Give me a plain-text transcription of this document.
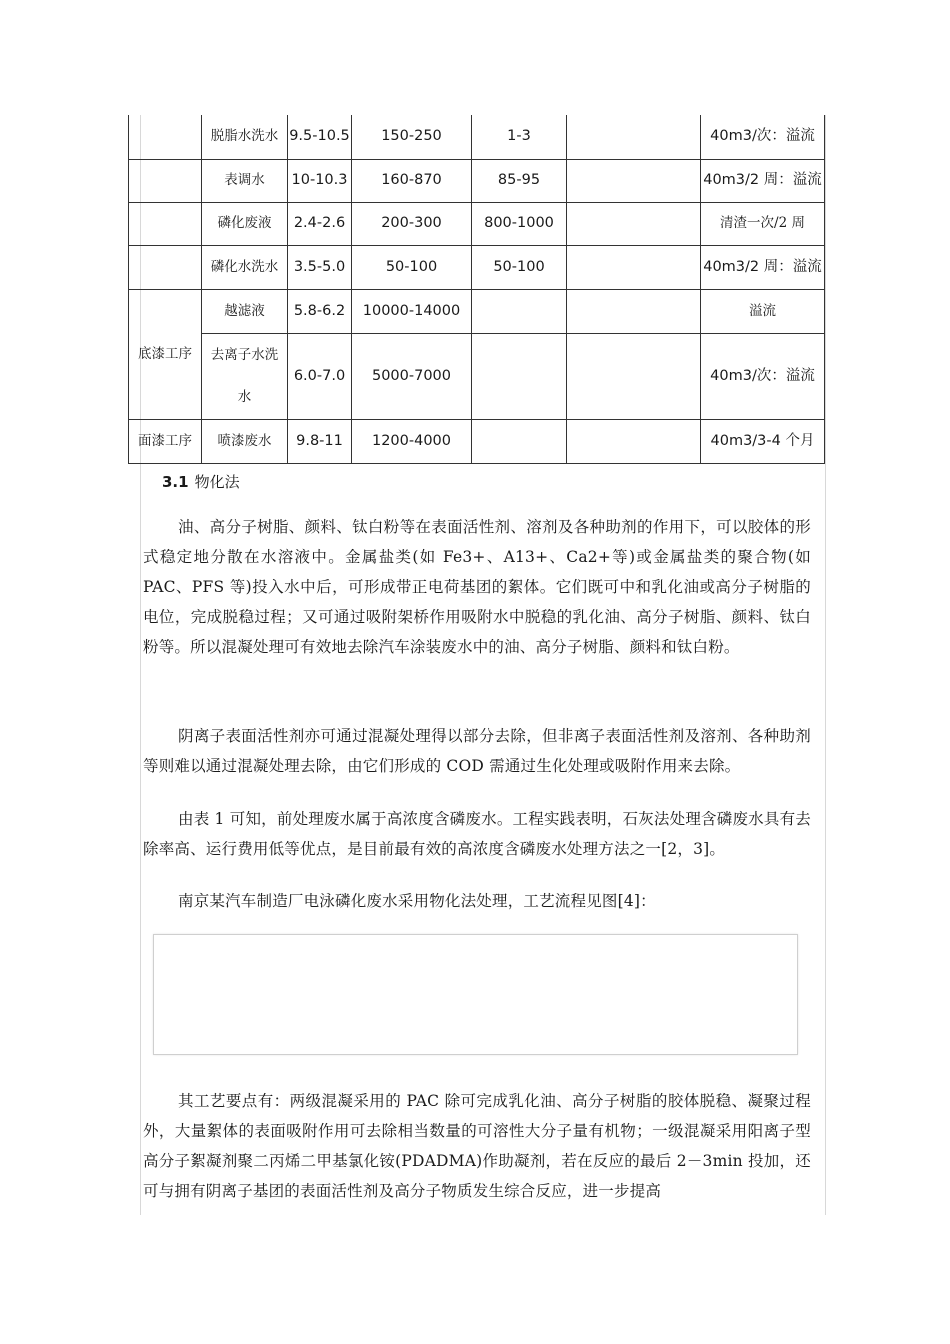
	脱脂水洗水	9.5-10.5	150-250	1-3		40m3/次：溢流
	表调水	10-10.3	160-870	85-95		40m3/2 周：溢流
	磷化废液	2.4-2.6	200-300	800-1000		清渣一次/2 周
	磷化水洗水	3.5-5.0	50-100	50-100		40m3/2 周：溢流
底漆工序	越滤液	5.8-6.2	10000-14000			溢流
	去离子水洗水	6.0-7.0	5000-7000			40m3/次：溢流
面漆工序	喷漆废水	9.8-11	1200-4000			40m3/3-4 个月
3.1 物化法

油、高分子树脂、颜料、钛白粉等在表面活性剂、溶剂及各种助剂的作用下，可以胶体的形式稳定地分散在水溶液中。金属盐类(如 Fe3+、A13+、Ca2+等)或金属盐类的聚合物(如 PAC、PFS 等)投入水中后，可形成带正电荷基团的絮体。它们既可中和乳化油或高分子树脂的　电位，完成脱稳过程；又可通过吸附架桥作用吸附水中脱稳的乳化油、高分子树脂、颜料、钛白粉等。所以混凝处理可有效地去除汽车涂装废水中的油、高分子树脂、颜料和钛白粉。

阴离子表面活性剂亦可通过混凝处理得以部分去除，但非离子表面活性剂及溶剂、各种助剂等则难以通过混凝处理去除，由它们形成的 COD 需通过生化处理或吸附作用来去除。

由表 1 可知，前处理废水属于高浓度含磷废水。工程实践表明，石灰法处理含磷废水具有去除率高、运行费用低等优点，是目前最有效的高浓度含磷废水处理方法之一[2，3]。

南京某汽车制造厂电泳磷化废水采用物化法处理，工艺流程见图[4]：

其工艺要点有：两级混凝采用的 PAC 除可完成乳化油、高分子树脂的胶体脱稳、凝聚过程外，大量絮体的表面吸附作用可去除相当数量的可溶性大分子量有机物；一级混凝采用阳离子型高分子絮凝剂聚二丙烯二甲基氯化铵(PDADMA)作助凝剂，若在反应的最后 2－3min 投加，还可与拥有阴离子基团的表面活性剂及高分子物质发生综合反应，进一步提高
